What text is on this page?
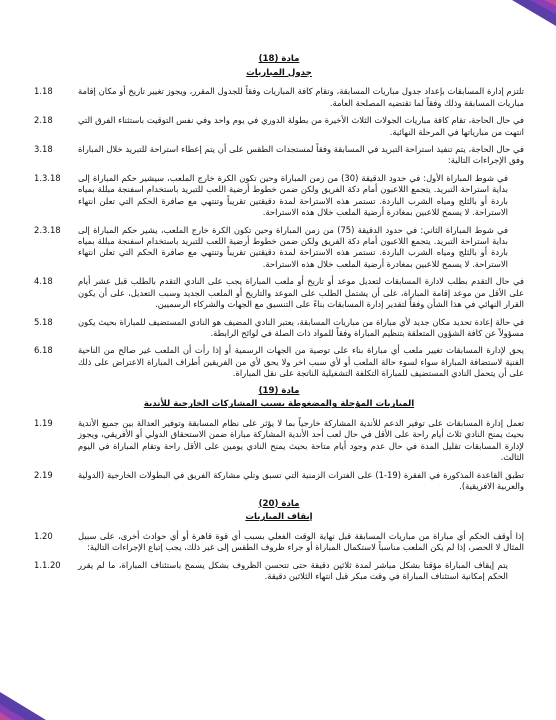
مادة (18)
جدول المباريات
تلتزم إدارة المسابقات بإعداد جدول مباريات المسابقة، وتقام كافة المباريات وفقاً للجدول المقرر، ويجوز تغيير تاريخ أو مكان إقامة مباريات المسابقة وذلك وفقاً لما تقتضيه المصلحة العامة.
1.18
في حال الحاجة، تقام كافة مباريات الجولات الثلاث الأخيرة من بطولة الدوري في يوم واحد وفي نفس التوقيت باستثناء الفرق التي انتهت من مبارياتها في المرحلة النهائية.
2.18
في حال الحاجة، يتم تنفيذ استراحة التبريد في المسابقة وفقاً لمستجدات الطقس على أن يتم إعطاء استراحة للتبريد خلال المباراة وفق الإجراءات التالية:
3.18
في شوط المباراة الأول: في حدود الدقيقة (30) من زمن المباراة وحين تكون الكرة خارج الملعب، سيشير حكم المباراة إلى بداية استراحة التبريد. يتجمع اللاعبون أمام دكة الفريق ولكن ضمن خطوط أرضية اللعب للتبريد باستخدام اسفنجة مبللة بمياه باردة أو بالثلج ومياه الشرب الباردة. تستمر هذه الاستراحة لمدة دقيقتين تقريباً وتنتهي مع صافرة الحكم التي تعلن انتهاء الاستراحة. لا يسمح للاعبين بمغادرة أرضية الملعب خلال هذه الاستراحة.
1.3.18
في شوط المباراة الثاني: في حدود الدقيقة (75) من زمن المباراة وحين تكون الكرة خارج الملعب، يشير حكم المباراة إلى بداية استراحة التبريد. يتجمع اللاعبون أمام دكة الفريق ولكن ضمن خطوط أرضية اللعب للتبريد باستخدام اسفنجة مبللة بمياه باردة أو بالثلج ومياه الشرب الباردة. تستمر هذه الاستراحة لمدة دقيقتين تقريباً وتنتهي مع صافرة الحكم التي تعلن انتهاء الاستراحة. لا يسمح للاعبين بمغادرة أرضية الملعب خلال هذه الاستراحة.
2.3.18
في حال التقدم بطلب لادارة المسابقات لتعديل موعد أو تاريخ أو ملعب المباراة يجب على النادي التقدم بالطلب قبل عشر أيام على الأقل من موعد إقامة المباراة، على أن يشتمل الطلب على الموعد والتاريخ أو الملعب الجديد وسبب التعديل، على أن يكون القرار النهائي في هذا الشأن وفقاً لتقدير إدارة المسابقات بناءً على التنسيق مع الجهات والشركاء الرسميين.
4.18
في حالة إعادة تحديد مكان جديد لأي مباراة من مباريات المسابقة، يعتبر النادي المضيف هو النادي المستضيف للمباراة بحيث يكون مسؤولاً عن كافة الشؤون المتعلقة بتنظيم المباراة وفقاً للمواد ذات الصلة في لوائح الرابطة.
5.18
يحق لإدارة المسابقات تغيير ملعب أي مباراة بناء على توصية من الجهات الرسمية أو إذا رأت أن الملعب غير صالح من الناحية الفنية لاستضافة المباراة سواء لسوء حالة الملعب أو لأي سبب اخر ولا يحق لأي من الفريقين أطراف المباراة الاعتراض على ذلك على أن يتحمل النادي المستضيف للمباراة التكلفة التشغيلية الناتجة على نقل المباراة.
6.18
مادة (19)
المباريات المؤجلة والمضغوطة بسبب المشاركات الخارجية للأندية
تعمل إدارة المسابقات على توفير الدعم للأندية المشاركة خارجياً بما لا يؤثر على نظام المسابقة وتوفير العدالة بين جميع الأندية بحيث يمنح النادي ثلاث أيام راحة على الأقل في حال لعب أحد الأندية المشاركة مباراة ضمن الاستحقاق الدولي أو الأفريقي، ويجوز لإدارة المسابقات تقليل المدة في حال عدم وجود أيام متاحة بحيث يمنح النادي يومين على الأقل راحة وتقام المباراة في اليوم الثالث.
1.19
تطبق القاعدة المذكورة في الفقرة (19-1) على الفترات الزمنية التي تسبق وتلي مشاركة الفريق في البطولات الخارجية (الدولية والعربية الافريقية).
2.19
مادة (20)
إيقاف المباريات
إذا أوقف الحكم أي مباراة من مباريات المسابقة قبل نهاية الوقت الفعلي بسبب أي قوة قاهرة أو أي حوادث أخرى، على سبيل المثال لا الحصر، إذا لم يكن الملعب مناسباً لاستكمال المباراة أو جراء ظروف الطقس إلى غير ذلك، يجب إتباع الإجراءات التالية:
1.20
يتم إيقاف المباراة مؤقتا بشكل مباشر لمدة ثلاثين دقيقة حتى تتحسن الظروف بشكل يسمح باستئناف المباراة، ما لم يقرر الحكم إمكانية استئناف المباراة في وقت مبكر قبل انتهاء الثلاثين دقيقة.
1.1.20
